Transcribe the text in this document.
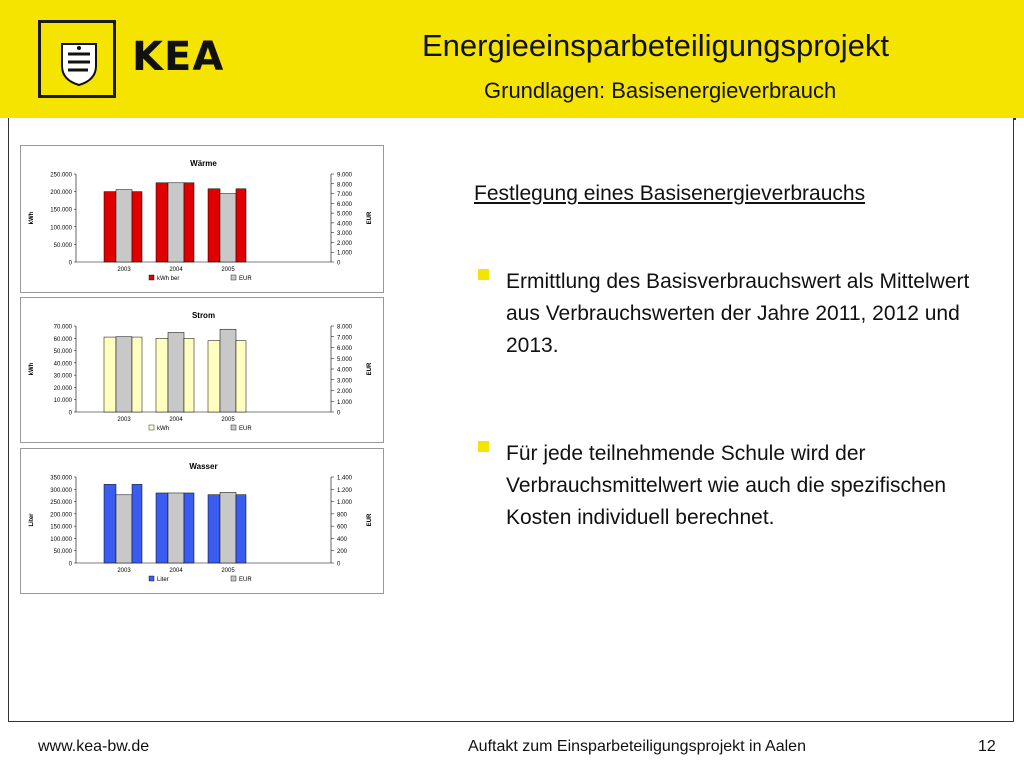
KEA	Energieeinsparbeteiligungsprojekt
Grundlagen: Basisenergieverbrauch
Wärme
0
50.000
100.000
150.000
200.000
250.000
0
1.000
2.000
3.000
4.000
5.000
6.000
7.000
8.000
9.000
kWh	EUR
2003	2004	2005
kWh ber	EUR
Strom
0
10.000
20.000
30.000
40.000
50.000
60.000
70.000
0
1.000
2.000
3.000
4.000
5.000
6.000
7.000
8.000
kWh	EUR
2003	2004	2005
kWh	EUR
Wasser
0
50.000
100.000
150.000
200.000
250.000
300.000
350.000
0
200
400
600
800
1.000
1.200
1.400
Liter	EUR
2003	2004	2005
Liter	EUR
Festlegung eines Basisenergieverbrauchs
Ermittlung des Basisverbrauchswert als Mittelwert aus Verbrauchswerten der Jahre 2011, 2012 und 2013.
Für jede teilnehmende Schule wird der Verbrauchsmittelwert wie auch die spezifischen Kosten individuell berechnet.
www.kea-bw.de	Auftakt zum Einsparbeteiligungsprojekt in Aalen	12
